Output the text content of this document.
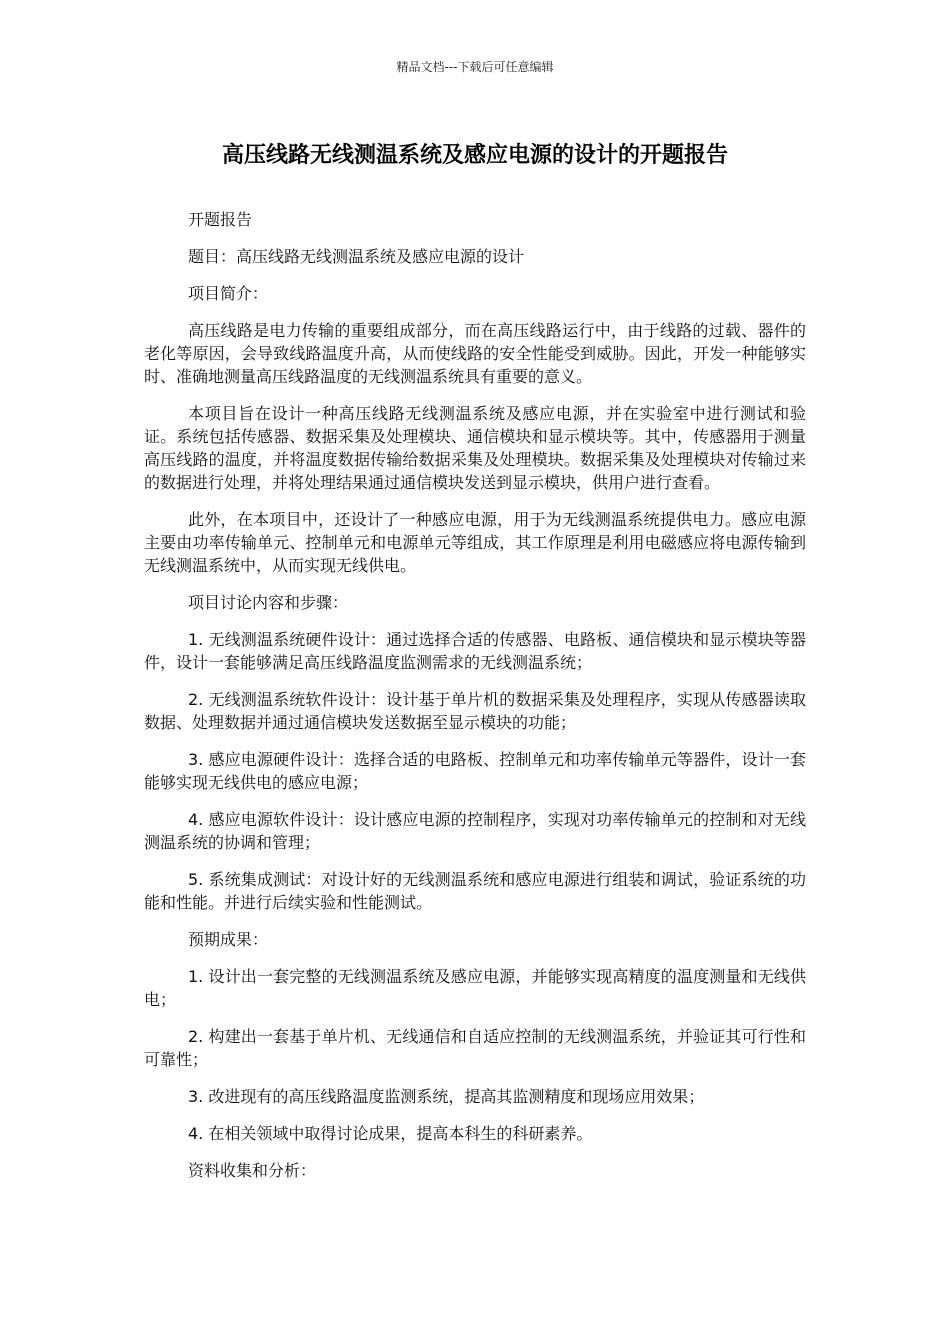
精品文档---下载后可任意编辑
高压线路无线测温系统及感应电源的设计的开题报告

开题报告

题目：高压线路无线测温系统及感应电源的设计

项目简介：

高压线路是电力传输的重要组成部分，而在高压线路运行中，由于线路的过载、器件的老化等原因，会导致线路温度升高，从而使线路的安全性能受到威胁。因此，开发一种能够实时、准确地测量高压线路温度的无线测温系统具有重要的意义。

本项目旨在设计一种高压线路无线测温系统及感应电源，并在实验室中进行测试和验证。系统包括传感器、数据采集及处理模块、通信模块和显示模块等。其中，传感器用于测量高压线路的温度，并将温度数据传输给数据采集及处理模块。数据采集及处理模块对传输过来的数据进行处理，并将处理结果通过通信模块发送到显示模块，供用户进行查看。

此外，在本项目中，还设计了一种感应电源，用于为无线测温系统提供电力。感应电源主要由功率传输单元、控制单元和电源单元等组成，其工作原理是利用电磁感应将电源传输到无线测温系统中，从而实现无线供电。

项目讨论内容和步骤：

1. 无线测温系统硬件设计：通过选择合适的传感器、电路板、通信模块和显示模块等器件，设计一套能够满足高压线路温度监测需求的无线测温系统；

2. 无线测温系统软件设计：设计基于单片机的数据采集及处理程序，实现从传感器读取数据、处理数据并通过通信模块发送数据至显示模块的功能；

3. 感应电源硬件设计：选择合适的电路板、控制单元和功率传输单元等器件，设计一套能够实现无线供电的感应电源；

4. 感应电源软件设计：设计感应电源的控制程序，实现对功率传输单元的控制和对无线测温系统的协调和管理；

5. 系统集成测试：对设计好的无线测温系统和感应电源进行组装和调试，验证系统的功能和性能。并进行后续实验和性能测试。

预期成果：

1. 设计出一套完整的无线测温系统及感应电源，并能够实现高精度的温度测量和无线供电；

2. 构建出一套基于单片机、无线通信和自适应控制的无线测温系统，并验证其可行性和可靠性；

3. 改进现有的高压线路温度监测系统，提高其监测精度和现场应用效果；

4. 在相关领域中取得讨论成果，提高本科生的科研素养。

资料收集和分析：
